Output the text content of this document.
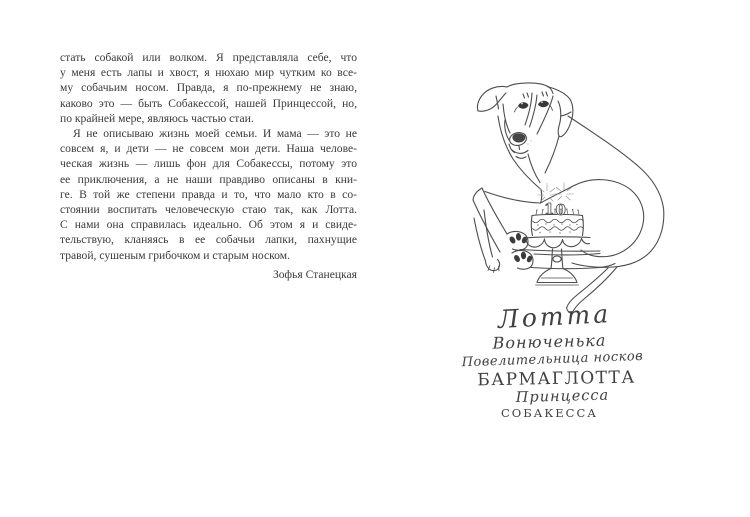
стать собакой или волком. Я представляла себе, что
у меня есть лапы и хвост, я нюхаю мир чутким ко все-
му собачьим носом. Правда, я по-прежнему не знаю,
каково это — быть Собакессой, нашей Принцессой, но,
по крайней мере, являюсь частью стаи.
Я не описываю жизнь моей семьи. И мама — это не
совсем я, и дети — не совсем мои дети. Наша челове-
ческая жизнь — лишь фон для Собакессы, потому это
ее приключения, а не наши правдиво описаны в кни-
ге. В той же степени правда и то, что мало кто в со-
стоянии воспитать человеческую стаю так, как Лотта.
С нами она справилась идеально. Об этом я и свиде-
тельствую, кланяясь в ее собачьи лапки, пахнущие
травой, сушеным грибочком и старым носком.
Зофья Станецкая
1 0
Лотта
Вонюченька
Повелительница носков
БАРМАГЛОТТА
Принцесса
СОБАКЕССА
